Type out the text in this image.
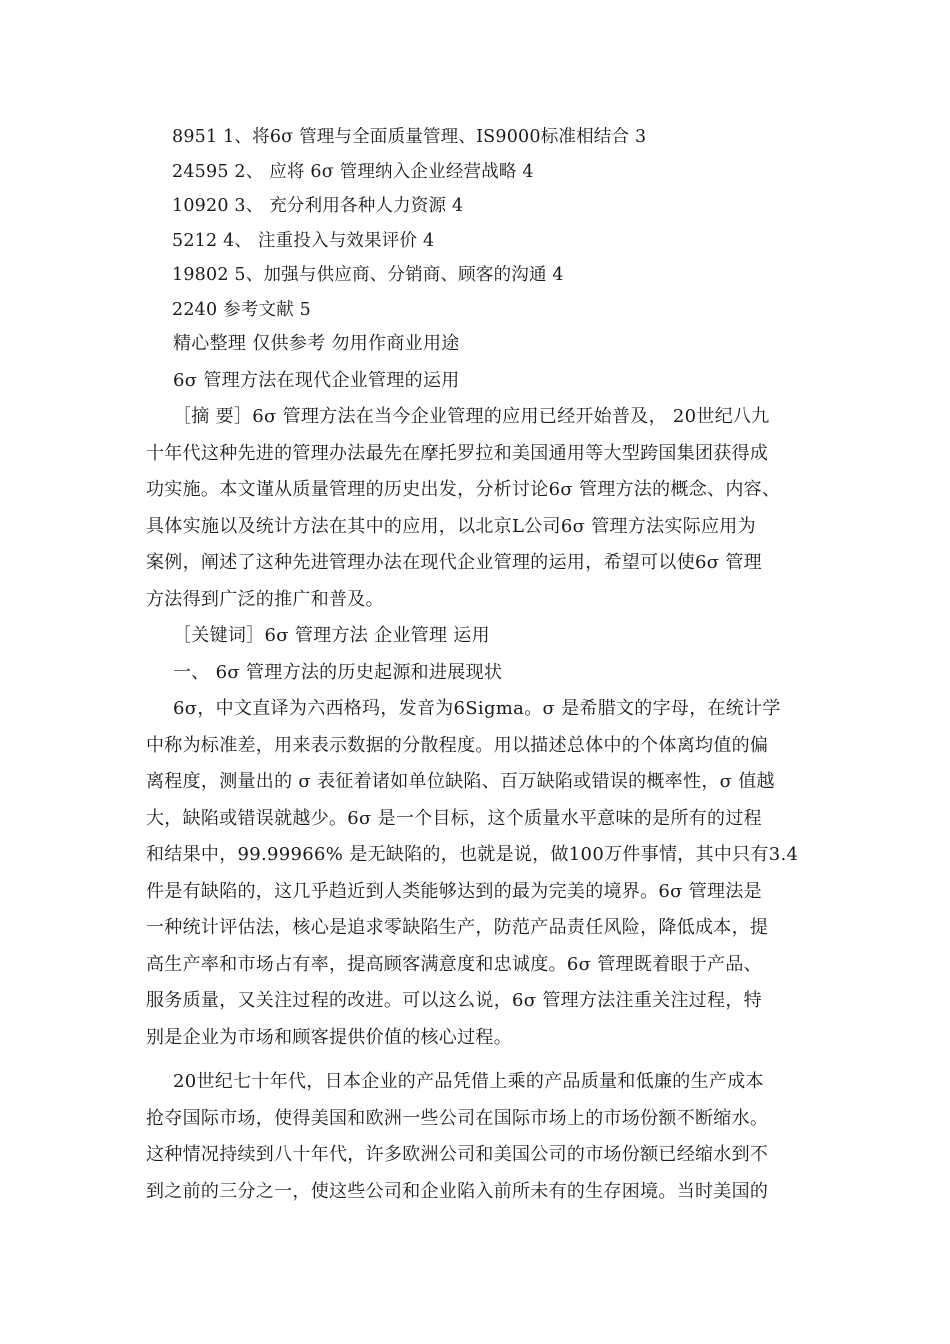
8951 1、将6σ 管理与全面质量管理、IS9000标准相结合 3
24595 2、 应将 6σ 管理纳入企业经营战略 4
10920 3、 充分利用各种人力资源 4
5212 4、 注重投入与效果评价 4
19802 5、加强与供应商、分销商、顾客的沟通 4
2240 参考文献 5
精心整理 仅供参考 勿用作商业用途
6σ 管理方法在现代企业管理的运用
［摘 要］6σ 管理方法在当今企业管理的应用已经开始普及， 20世纪八九
十年代这种先进的管理办法最先在摩托罗拉和美国通用等大型跨国集团获得成
功实施。本文谨从质量管理的历史出发，分析讨论6σ 管理方法的概念、内容、
具体实施以及统计方法在其中的应用，以北京L公司6σ 管理方法实际应用为
案例，阐述了这种先进管理办法在现代企业管理的运用，希望可以使6σ 管理
方法得到广泛的推广和普及。
［关键词］6σ 管理方法 企业管理 运用
一、 6σ 管理方法的历史起源和进展现状
6σ，中文直译为六西格玛，发音为6Sigma。σ 是希腊文的字母，在统计学
中称为标准差，用来表示数据的分散程度。用以描述总体中的个体离均值的偏
离程度，测量出的 σ 表征着诸如单位缺陷、百万缺陷或错误的概率性，σ 值越
大，缺陷或错误就越少。6σ 是一个目标，这个质量水平意味的是所有的过程
和结果中，99.99966% 是无缺陷的，也就是说，做100万件事情，其中只有3.4
件是有缺陷的，这几乎趋近到人类能够达到的最为完美的境界。6σ 管理法是
一种统计评估法，核心是追求零缺陷生产，防范产品责任风险，降低成本，提
高生产率和市场占有率，提高顾客满意度和忠诚度。6σ 管理既着眼于产品、
服务质量，又关注过程的改进。可以这么说，6σ 管理方法注重关注过程，特
别是企业为市场和顾客提供价值的核心过程。
20世纪七十年代，日本企业的产品凭借上乘的产品质量和低廉的生产成本
抢夺国际市场，使得美国和欧洲一些公司在国际市场上的市场份额不断缩水。
这种情况持续到八十年代，许多欧洲公司和美国公司的市场份额已经缩水到不
到之前的三分之一，使这些公司和企业陷入前所未有的生存困境。当时美国的
